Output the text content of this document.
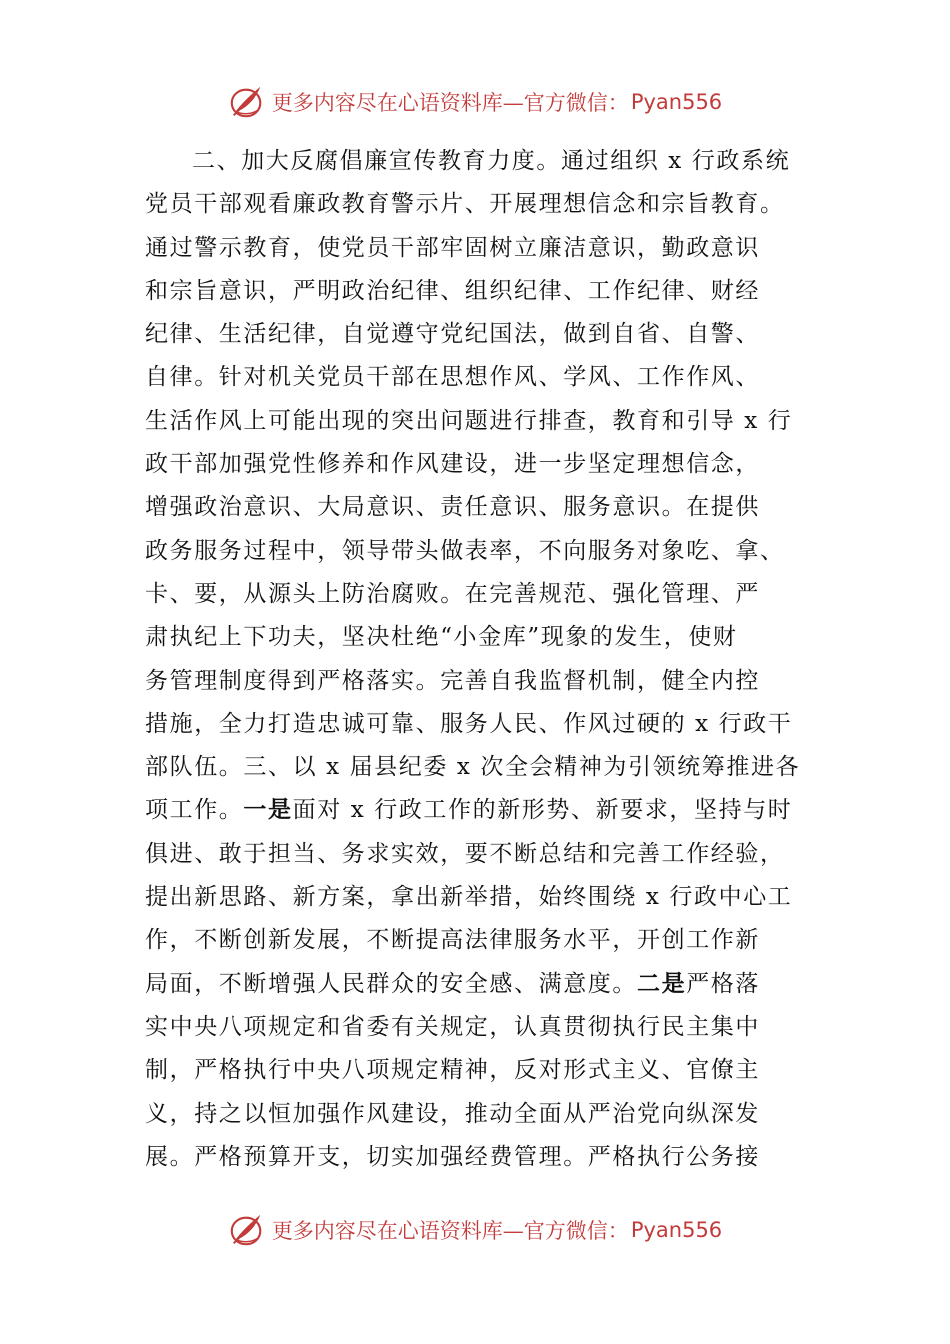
更多内容尽在心语资料库—官方微信： Pyan556
二、加大反腐倡廉宣传教育力度。通过组织 x 行政系统
党员干部观看廉政教育警示片、开展理想信念和宗旨教育。
通过警示教育，使党员干部牢固树立廉洁意识，勤政意识
和宗旨意识，严明政治纪律、组织纪律、工作纪律、财经
纪律、生活纪律，自觉遵守党纪国法，做到自省、自警、
自律。针对机关党员干部在思想作风、学风、工作作风、
生活作风上可能出现的突出问题进行排查，教育和引导 x 行
政干部加强党性修养和作风建设，进一步坚定理想信念，
增强政治意识、大局意识、责任意识、服务意识。在提供
政务服务过程中，领导带头做表率，不向服务对象吃、拿、
卡、要，从源头上防治腐败。在完善规范、强化管理、严
肃执纪上下功夫，坚决杜绝“小金库”现象的发生，使财
务管理制度得到严格落实。完善自我监督机制，健全内控
措施，全力打造忠诚可靠、服务人民、作风过硬的 x 行政干
部队伍。三、以 x 届县纪委 x 次全会精神为引领统筹推进各
项工作。一是面对 x 行政工作的新形势、新要求，坚持与时
俱进、敢于担当、务求实效，要不断总结和完善工作经验，
提出新思路、新方案，拿出新举措，始终围绕 x 行政中心工
作，不断创新发展，不断提高法律服务水平，开创工作新
局面，不断增强人民群众的安全感、满意度。二是严格落
实中央八项规定和省委有关规定，认真贯彻执行民主集中
制，严格执行中央八项规定精神，反对形式主义、官僚主
义，持之以恒加强作风建设，推动全面从严治党向纵深发
展。严格预算开支，切实加强经费管理。严格执行公务接
更多内容尽在心语资料库—官方微信： Pyan556
